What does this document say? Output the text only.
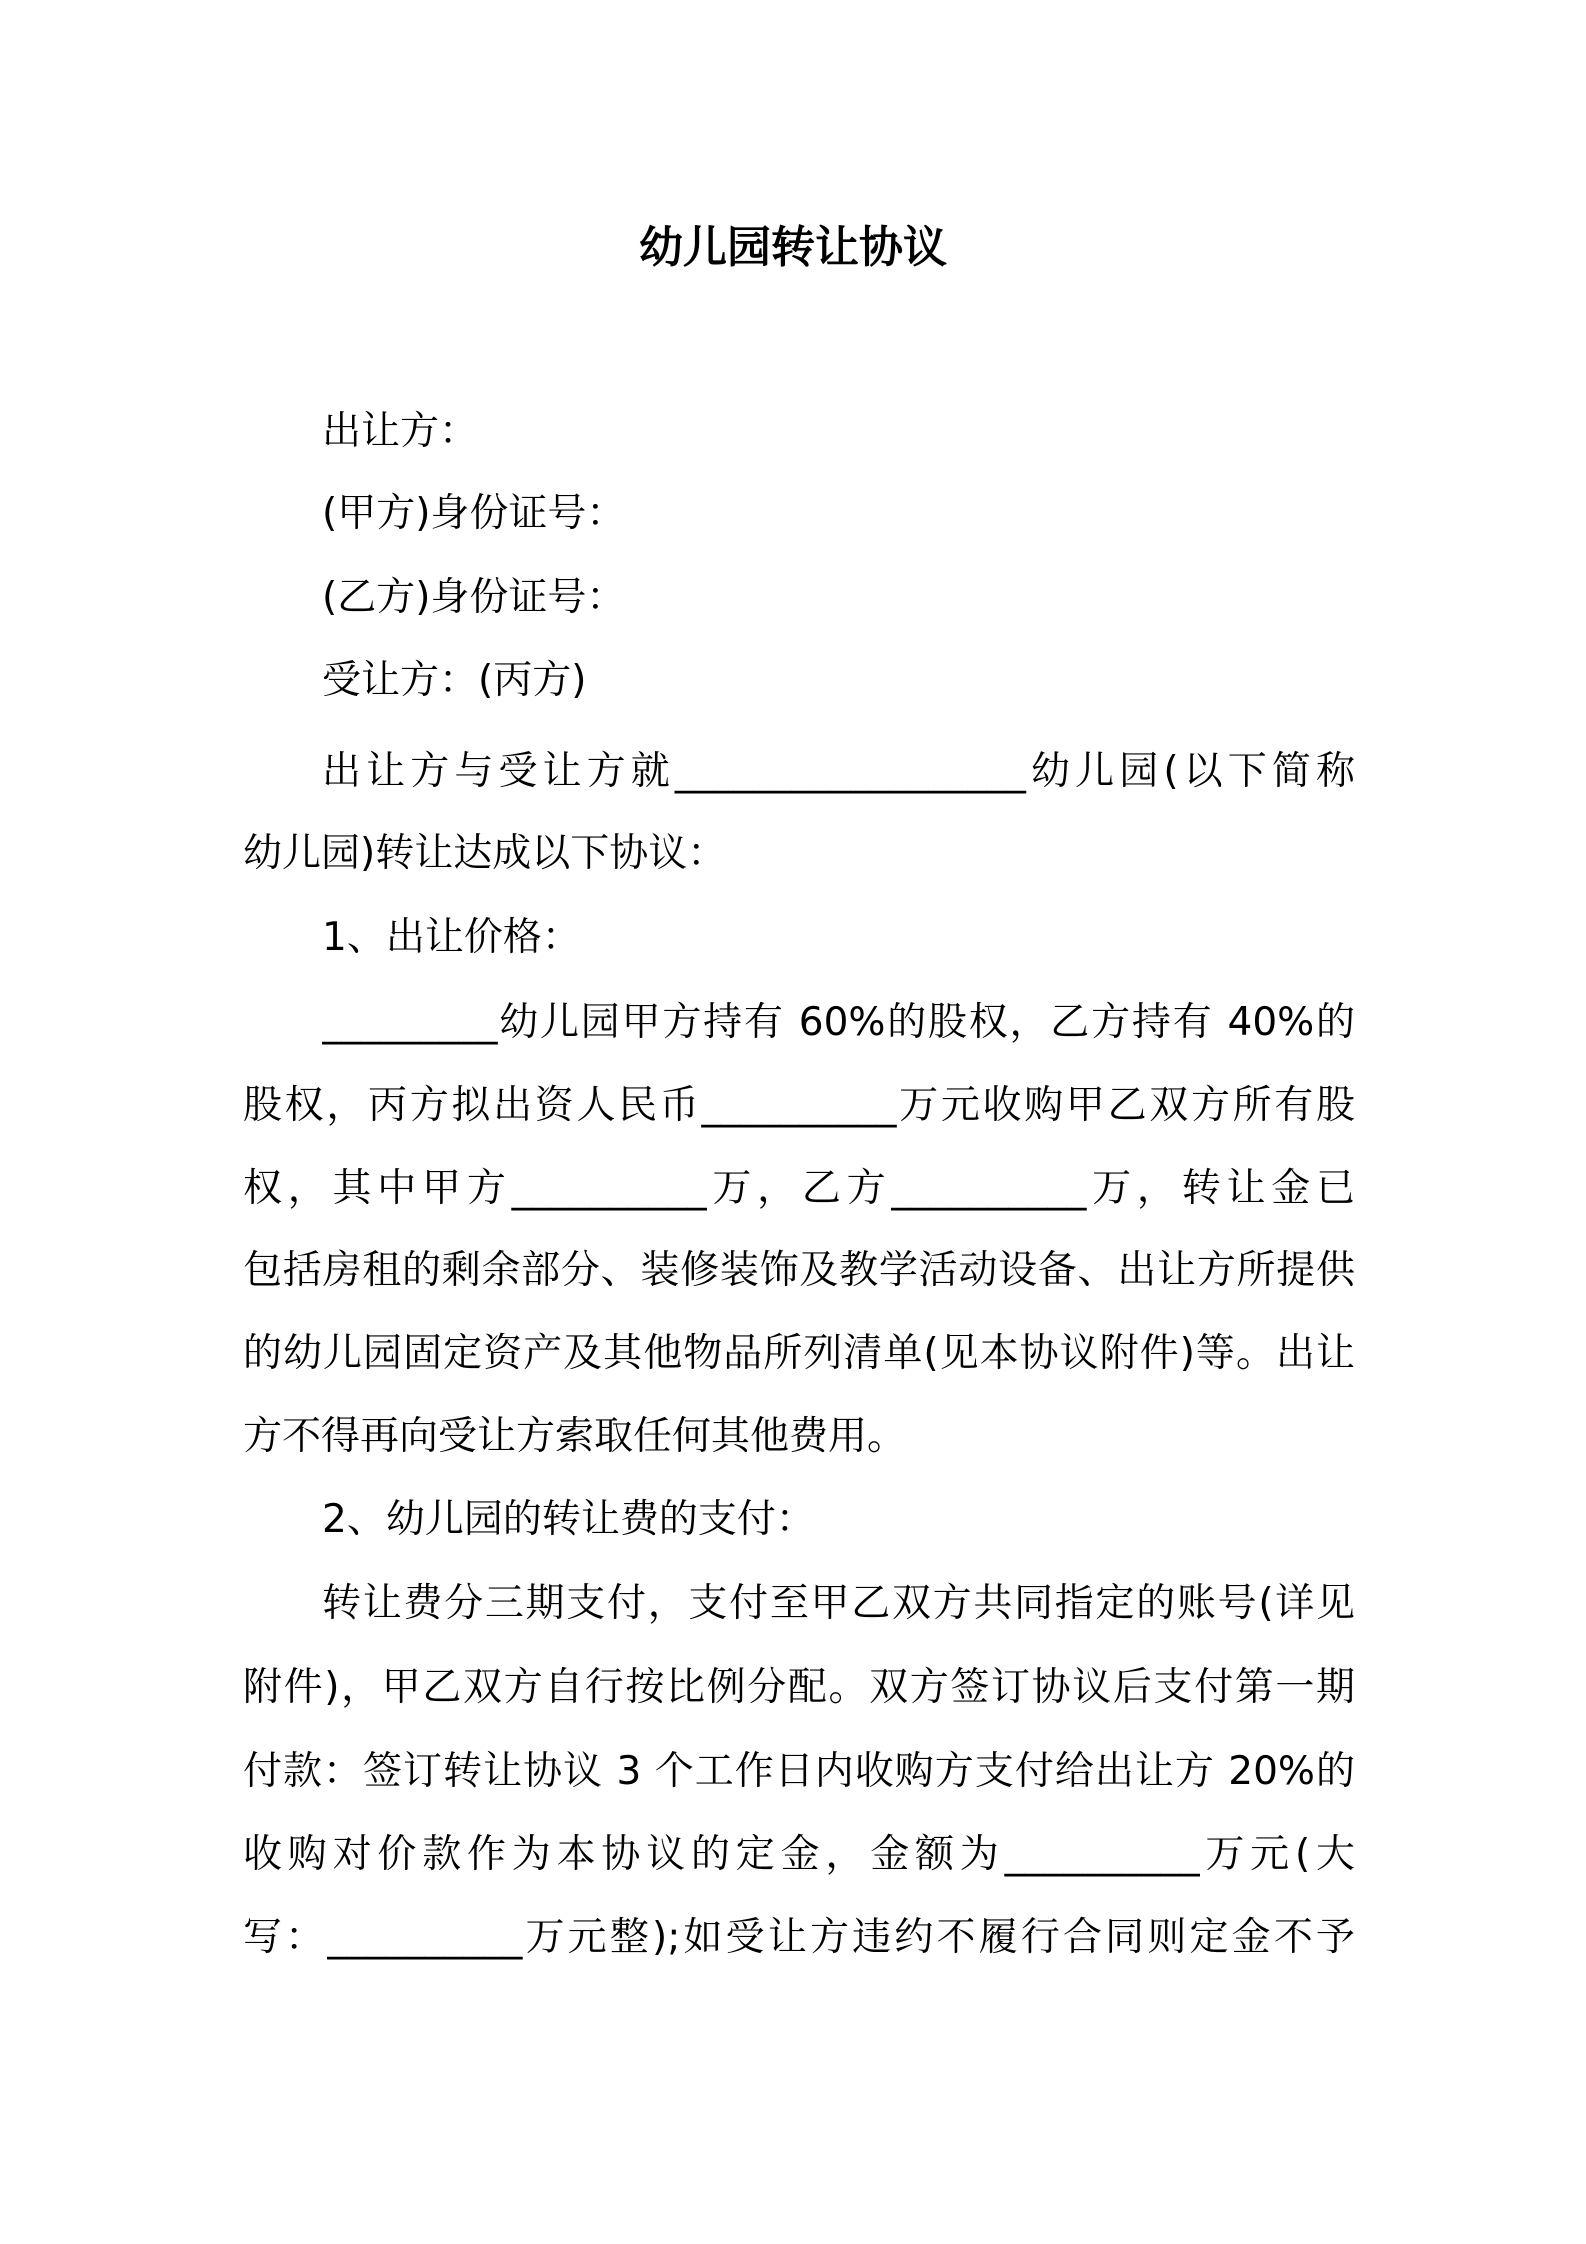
幼儿园转让协议
出让方：
(甲方)身份证号：
(乙方)身份证号：
受让方：(丙方)
出让方与受让方就__________________幼儿园(以下简称
幼儿园)转让达成以下协议：
1、出让价格：
_________幼儿园甲方持有 60%的股权，乙方持有 40%的
股权，丙方拟出资人民币__________万元收购甲乙双方所有股
权，其中甲方__________万，乙方__________万，转让金已
包括房租的剩余部分、装修装饰及教学活动设备、出让方所提供
的幼儿园固定资产及其他物品所列清单(见本协议附件)等。出让
方不得再向受让方索取任何其他费用。
2、幼儿园的转让费的支付：
转让费分三期支付，支付至甲乙双方共同指定的账号(详见
附件)，甲乙双方自行按比例分配。双方签订协议后支付第一期
付款：签订转让协议 3 个工作日内收购方支付给出让方 20%的
收购对价款作为本协议的定金，金额为__________万元(大
写：__________万元整);如受让方违约不履行合同则定金不予
